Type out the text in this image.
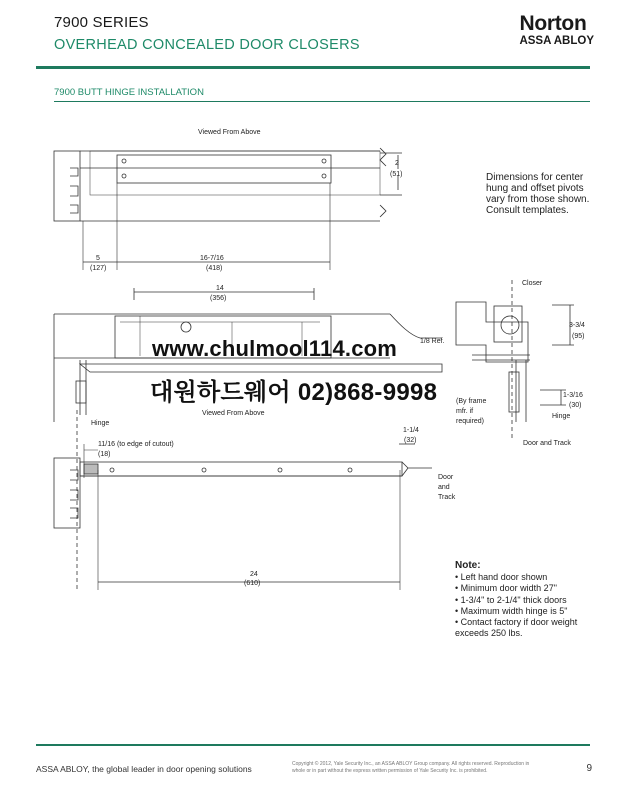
7900 SERIES
OVERHEAD CONCEALED DOOR CLOSERS
Norton
ASSA ABLOY
7900 BUTT HINGE INSTALLATION
Viewed From Above
2
(51)
5
(127)
16-7/16
(418)
14
(356)
1/8 Ref.
Viewed From Above
Hinge
11/16 (to edge of cutout)
(18)
1-1/4
(32)
Door
and
Track
24
(610)
Closer
3-3/4
(95)
1-3/16
(30)
Hinge
(By frame
mfr. if
required)
Door and Track
Dimensions for center hung and offset pivots vary from those shown. Consult templates.
www.chulmool114.com
대원하드웨어 02)868-9998
Note:
• Left hand door shown
• Minimum door width 27"
• 1-3/4" to 2-1/4" thick doors
• Maximum width hinge is 5"
• Contact factory if door weight exceeds 250 lbs.
ASSA ABLOY, the global leader in door opening solutions	Copyright © 2012, Yale Security Inc., an ASSA ABLOY Group company. All rights reserved. Reproduction in whole or in part without the express written permission of Yale Security Inc. is prohibited.	9
